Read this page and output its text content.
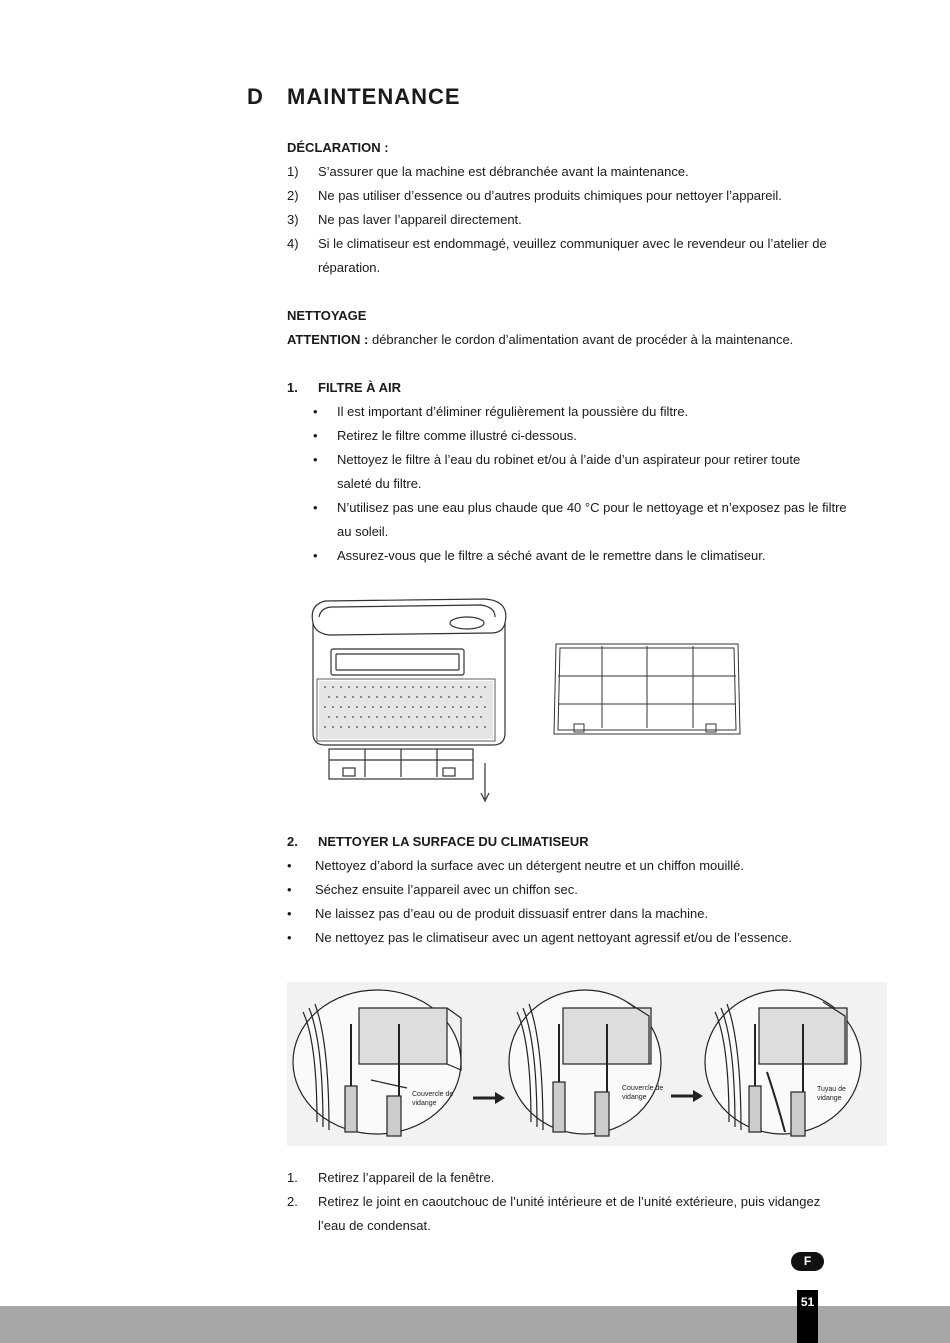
D MAINTENANCE
DÉCLARATION :
1)	S’assurer que la machine est débranchée avant la maintenance.
2)	Ne pas utiliser d’essence ou d’autres produits chimiques pour nettoyer l’appareil.
3)	Ne pas laver l’appareil directement.
4)	Si le climatiseur est endommagé, veuillez communiquer avec le revendeur ou l’atelier de
réparation.
NETTOYAGE
ATTENTION : débrancher le cordon d’alimentation avant de procéder à la maintenance.
1. FILTRE À AIR
•	Il est important d’éliminer régulièrement la poussière du filtre.
•	Retirez le filtre comme illustré ci-dessous.
•	Nettoyez le filtre à l’eau du robinet et/ou à l’aide d’un aspirateur pour retirer toute
saleté du filtre.
•	N’utilisez pas une eau plus chaude que 40 °C pour le nettoyage et n’exposez pas le filtre
au soleil.
•	Assurez-vous que le filtre a séché avant de le remettre dans le climatiseur.
2. NETTOYER LA SURFACE DU CLIMATISEUR
•	Nettoyez d’abord la surface avec un détergent neutre et un chiffon mouillé.
•	Séchez ensuite l’appareil avec un chiffon sec.
•	Ne laissez pas d’eau ou de produit dissuasif entrer dans la machine.
•	Ne nettoyez pas le climatiseur avec un agent nettoyant agressif et/ou de l’essence.
Couvercle de
vidange
Couvercle de
vidange
Tuyau de
vidange
1.	Retirez l’appareil de la fenêtre.
2.	Retirez le joint en caoutchouc de l’unité intérieure et de l’unité extérieure, puis vidangez
l’eau de condensat.
F
51
